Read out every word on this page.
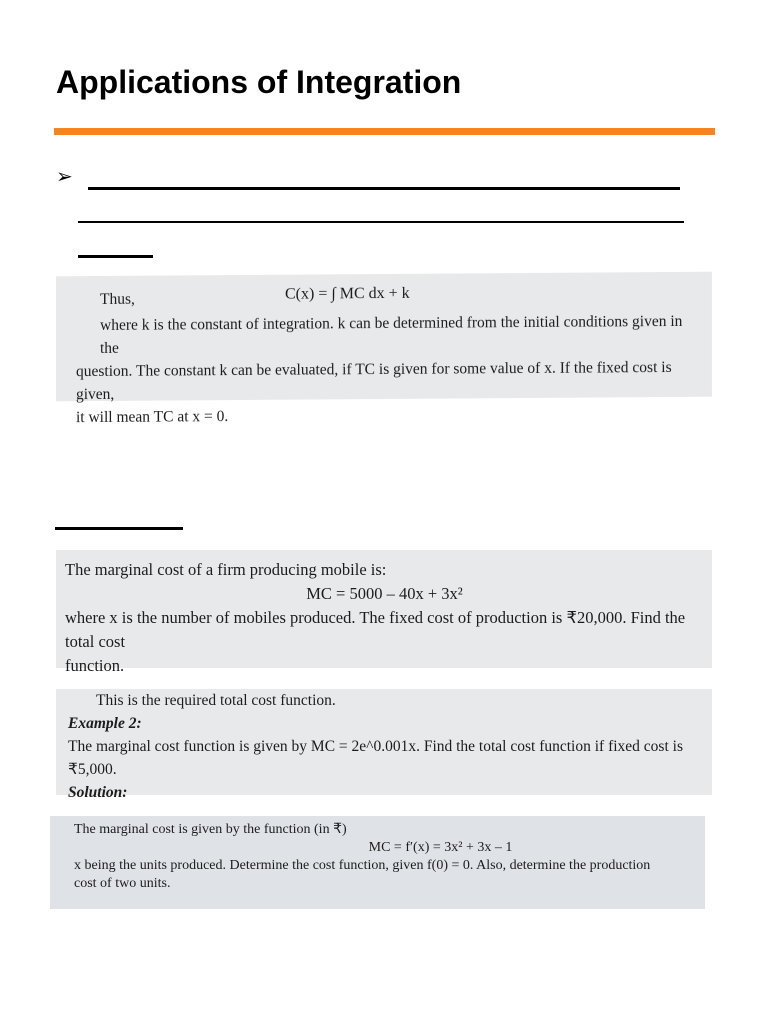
Applications of Integration
➢
Thus,	C(x) = ∫ MC dx + k

where k is the constant of integration. k can be determined from the initial conditions given in the

question. The constant k can be evaluated, if TC is given for some value of x. If the fixed cost is given,

it will mean TC at x = 0.

The marginal cost of a firm producing mobile is:

MC = 5000 – 40x + 3x²

where x is the number of mobiles produced. The fixed cost of production is ₹20,000. Find the total cost

function.

This is the required total cost function.

Example 2:

The marginal cost function is given by MC = 2e^0.001x. Find the total cost function if fixed cost is ₹5,000.

Solution:

The marginal cost is given by the function (in ₹)

MC = f′(x) = 3x² + 3x – 1

x being the units produced. Determine the cost function, given f(0) = 0. Also, determine the production

cost of two units.
